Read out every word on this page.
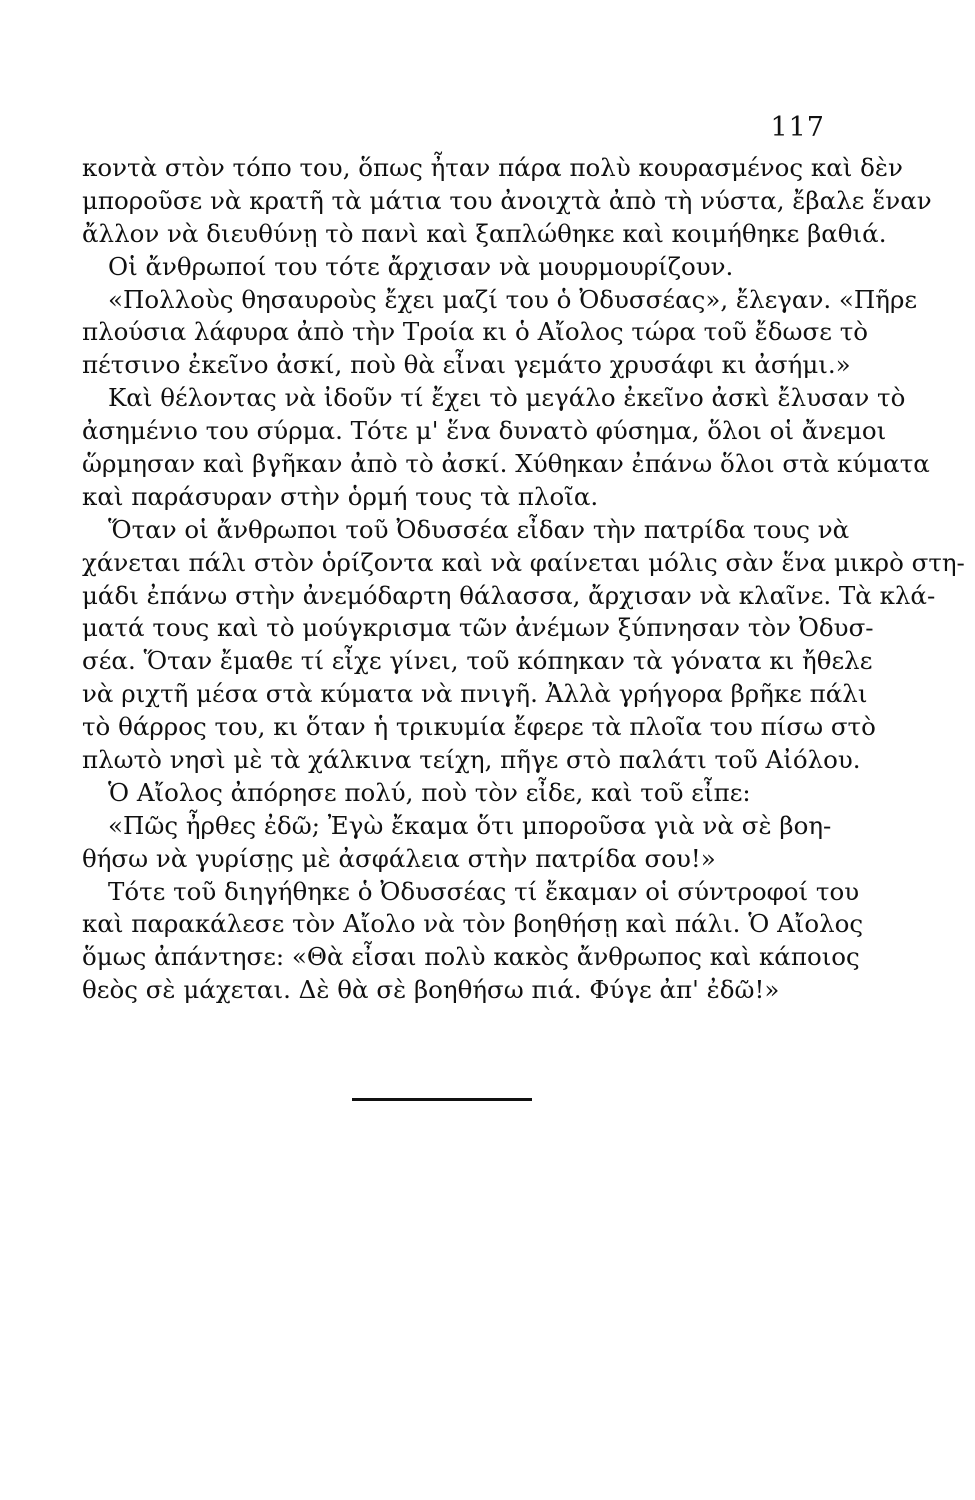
117
κοντὰ στὸν τόπο του, ὅπως ἦταν πάρα πολὺ κουρασμένος καὶ δὲν
μποροῦσε νὰ κρατῆ τὰ μάτια του ἀνοιχτὰ ἀπὸ τὴ νύστα, ἔβαλε ἕναν
ἄλλον νὰ διευθύνῃ τὸ πανὶ καὶ ξαπλώθηκε καὶ κοιμήθηκε βαθιά.
Οἱ ἄνθρωποί του τότε ἄρχισαν νὰ μουρμουρίζουν.
«Πολλοὺς θησαυροὺς ἔχει μαζί του ὁ Ὀδυσσέας», ἔλεγαν. «Πῆρε
πλούσια λάφυρα ἀπὸ τὴν Τροία κι ὁ Αἴολος τώρα τοῦ ἔδωσε τὸ
πέτσινο ἐκεῖνο ἀσκί, ποὺ θὰ εἶναι γεμάτο χρυσάφι κι ἀσήμι.»
Καὶ θέλοντας νὰ ἰδοῦν τί ἔχει τὸ μεγάλο ἐκεῖνο ἀσκὶ ἔλυσαν τὸ
ἀσημένιο του σύρμα. Τότε μ' ἕνα δυνατὸ φύσημα, ὅλοι οἱ ἄνεμοι
ὥρμησαν καὶ βγῆκαν ἀπὸ τὸ ἀσκί. Χύθηκαν ἐπάνω ὅλοι στὰ κύματα
καὶ παράσυραν στὴν ὁρμή τους τὰ πλοῖα.
Ὅταν οἱ ἄνθρωποι τοῦ Ὀδυσσέα εἶδαν τὴν πατρίδα τους νὰ
χάνεται πάλι στὸν ὁρίζοντα καὶ νὰ φαίνεται μόλις σὰν ἕνα μικρὸ στη-
μάδι ἐπάνω στὴν ἀνεμόδαρτη θάλασσα, ἄρχισαν νὰ κλαῖνε. Τὰ κλά-
ματά τους καὶ τὸ μούγκρισμα τῶν ἀνέμων ξύπνησαν τὸν Ὀδυσ-
σέα. Ὅταν ἔμαθε τί εἶχε γίνει, τοῦ κόπηκαν τὰ γόνατα κι ἤθελε
νὰ ριχτῆ μέσα στὰ κύματα νὰ πνιγῆ. Ἀλλὰ γρήγορα βρῆκε πάλι
τὸ θάρρος του, κι ὅταν ἡ τρικυμία ἔφερε τὰ πλοῖα του πίσω στὸ
πλωτὸ νησὶ μὲ τὰ χάλκινα τείχη, πῆγε στὸ παλάτι τοῦ Αἰόλου.
Ὁ Αἴολος ἀπόρησε πολύ, ποὺ τὸν εἶδε, καὶ τοῦ εἶπε:
«Πῶς ἦρθες ἐδῶ; Ἐγὼ ἔκαμα ὅτι μποροῦσα γιὰ νὰ σὲ βοη-
θήσω νὰ γυρίσῃς μὲ ἀσφάλεια στὴν πατρίδα σου!»
Τότε τοῦ διηγήθηκε ὁ Ὀδυσσέας τί ἔκαμαν οἱ σύντροφοί του
καὶ παρακάλεσε τὸν Αἴολο νὰ τὸν βοηθήσῃ καὶ πάλι. Ὁ Αἴολος
ὅμως ἀπάντησε: «Θὰ εἶσαι πολὺ κακὸς ἄνθρωπος καὶ κάποιος
θεὸς σὲ μάχεται. Δὲ θὰ σὲ βοηθήσω πιά. Φύγε ἀπ' ἐδῶ!»
